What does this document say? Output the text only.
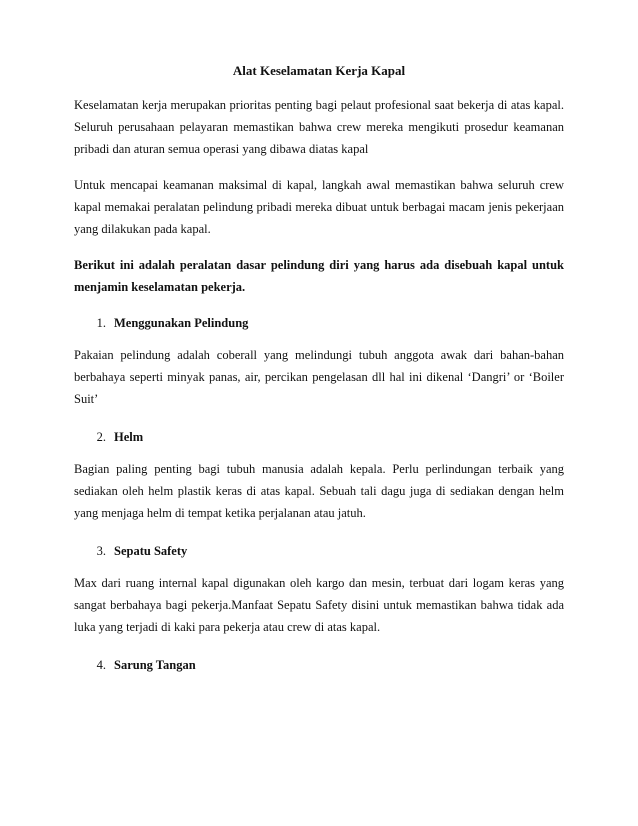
Alat Keselamatan Kerja Kapal

Keselamatan kerja merupakan prioritas penting bagi pelaut profesional saat bekerja di atas kapal. Seluruh perusahaan pelayaran memastikan bahwa crew mereka mengikuti prosedur keamanan pribadi dan aturan semua operasi yang dibawa diatas kapal

Untuk mencapai keamanan maksimal di kapal, langkah awal memastikan bahwa seluruh crew kapal memakai peralatan pelindung pribadi mereka dibuat untuk berbagai macam jenis pekerjaan yang dilakukan pada kapal.

Berikut ini adalah peralatan dasar pelindung diri yang harus ada disebuah kapal untuk menjamin keselamatan pekerja.

1. Menggunakan Pelindung

Pakaian pelindung adalah coberall yang melindungi tubuh anggota awak dari bahan-bahan berbahaya seperti minyak panas, air, percikan pengelasan dll hal ini dikenal ‘Dangri’ or ‘Boiler Suit’

2. Helm

Bagian paling penting bagi tubuh manusia adalah kepala. Perlu perlindungan terbaik yang sediakan oleh helm plastik keras di atas kapal. Sebuah tali dagu juga di sediakan dengan helm yang menjaga helm di tempat ketika perjalanan atau jatuh.

3. Sepatu Safety

Max dari ruang internal kapal digunakan oleh kargo dan mesin, terbuat dari logam keras yang sangat berbahaya bagi pekerja.Manfaat Sepatu Safety disini untuk memastikan bahwa tidak ada luka yang terjadi di kaki para pekerja atau crew di atas kapal.

4. Sarung Tangan
